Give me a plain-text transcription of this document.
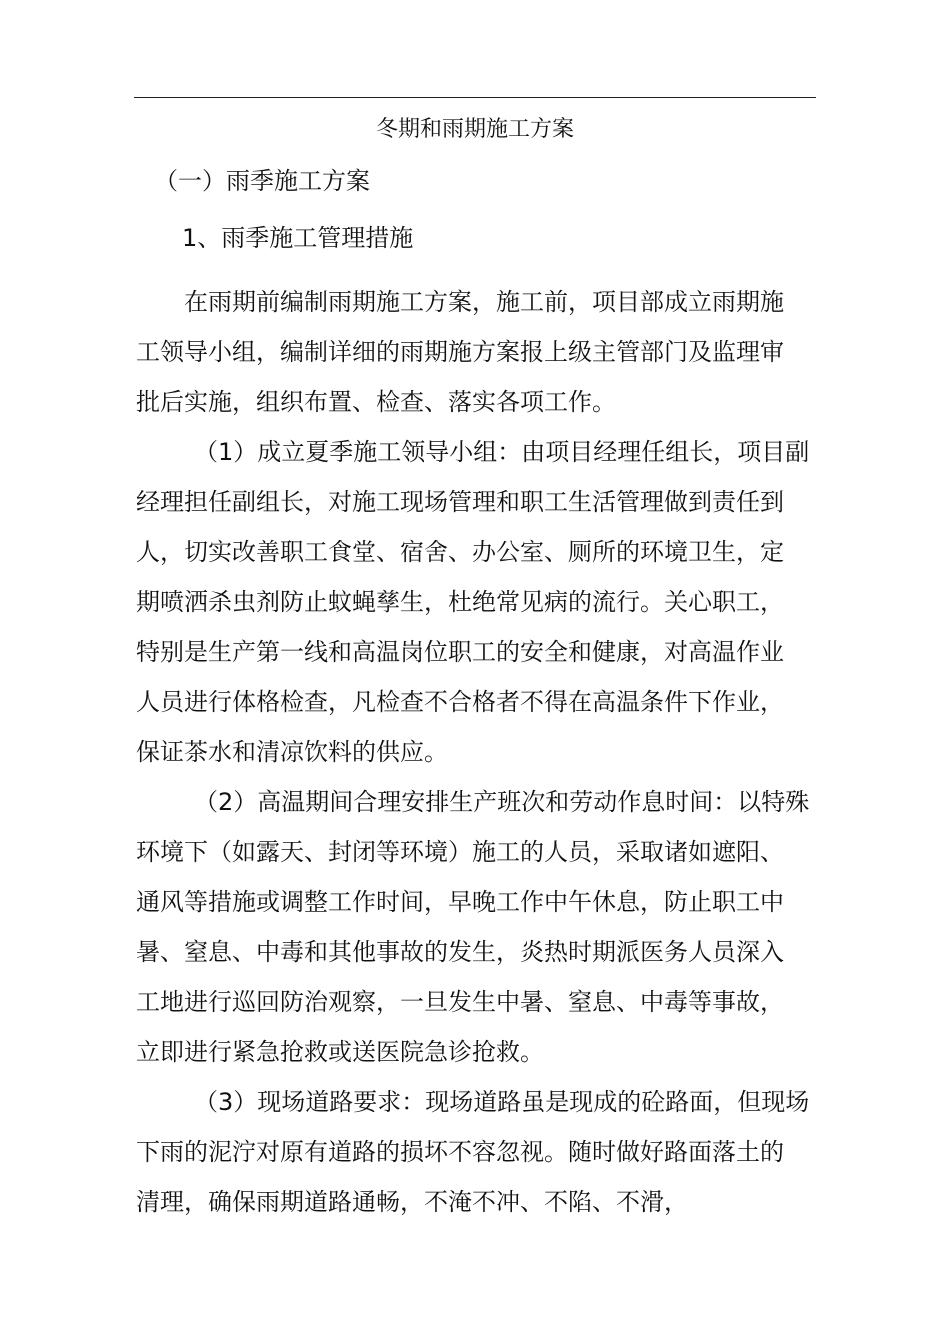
冬期和雨期施工方案
（一）雨季施工方案
1、雨季施工管理措施
在雨期前编制雨期施工方案，施工前，项目部成立雨期施
工领导小组，编制详细的雨期施方案报上级主管部门及监理审
批后实施，组织布置、检查、落实各项工作。
（1）成立夏季施工领导小组：由项目经理任组长，项目副
经理担任副组长，对施工现场管理和职工生活管理做到责任到
人，切实改善职工食堂、宿舍、办公室、厕所的环境卫生，定
期喷洒杀虫剂防止蚊蝇孳生，杜绝常见病的流行。关心职工，
特别是生产第一线和高温岗位职工的安全和健康，对高温作业
人员进行体格检查，凡检查不合格者不得在高温条件下作业，
保证茶水和清凉饮料的供应。
（2）高温期间合理安排生产班次和劳动作息时间：以特殊
环境下（如露天、封闭等环境）施工的人员，采取诸如遮阳、
通风等措施或调整工作时间，早晚工作中午休息，防止职工中
暑、窒息、中毒和其他事故的发生，炎热时期派医务人员深入
工地进行巡回防治观察，一旦发生中暑、窒息、中毒等事故，
立即进行紧急抢救或送医院急诊抢救。
（3）现场道路要求：现场道路虽是现成的砼路面，但现场
下雨的泥泞对原有道路的损坏不容忽视。随时做好路面落土的
清理，确保雨期道路通畅，不淹不冲、不陷、不滑，
